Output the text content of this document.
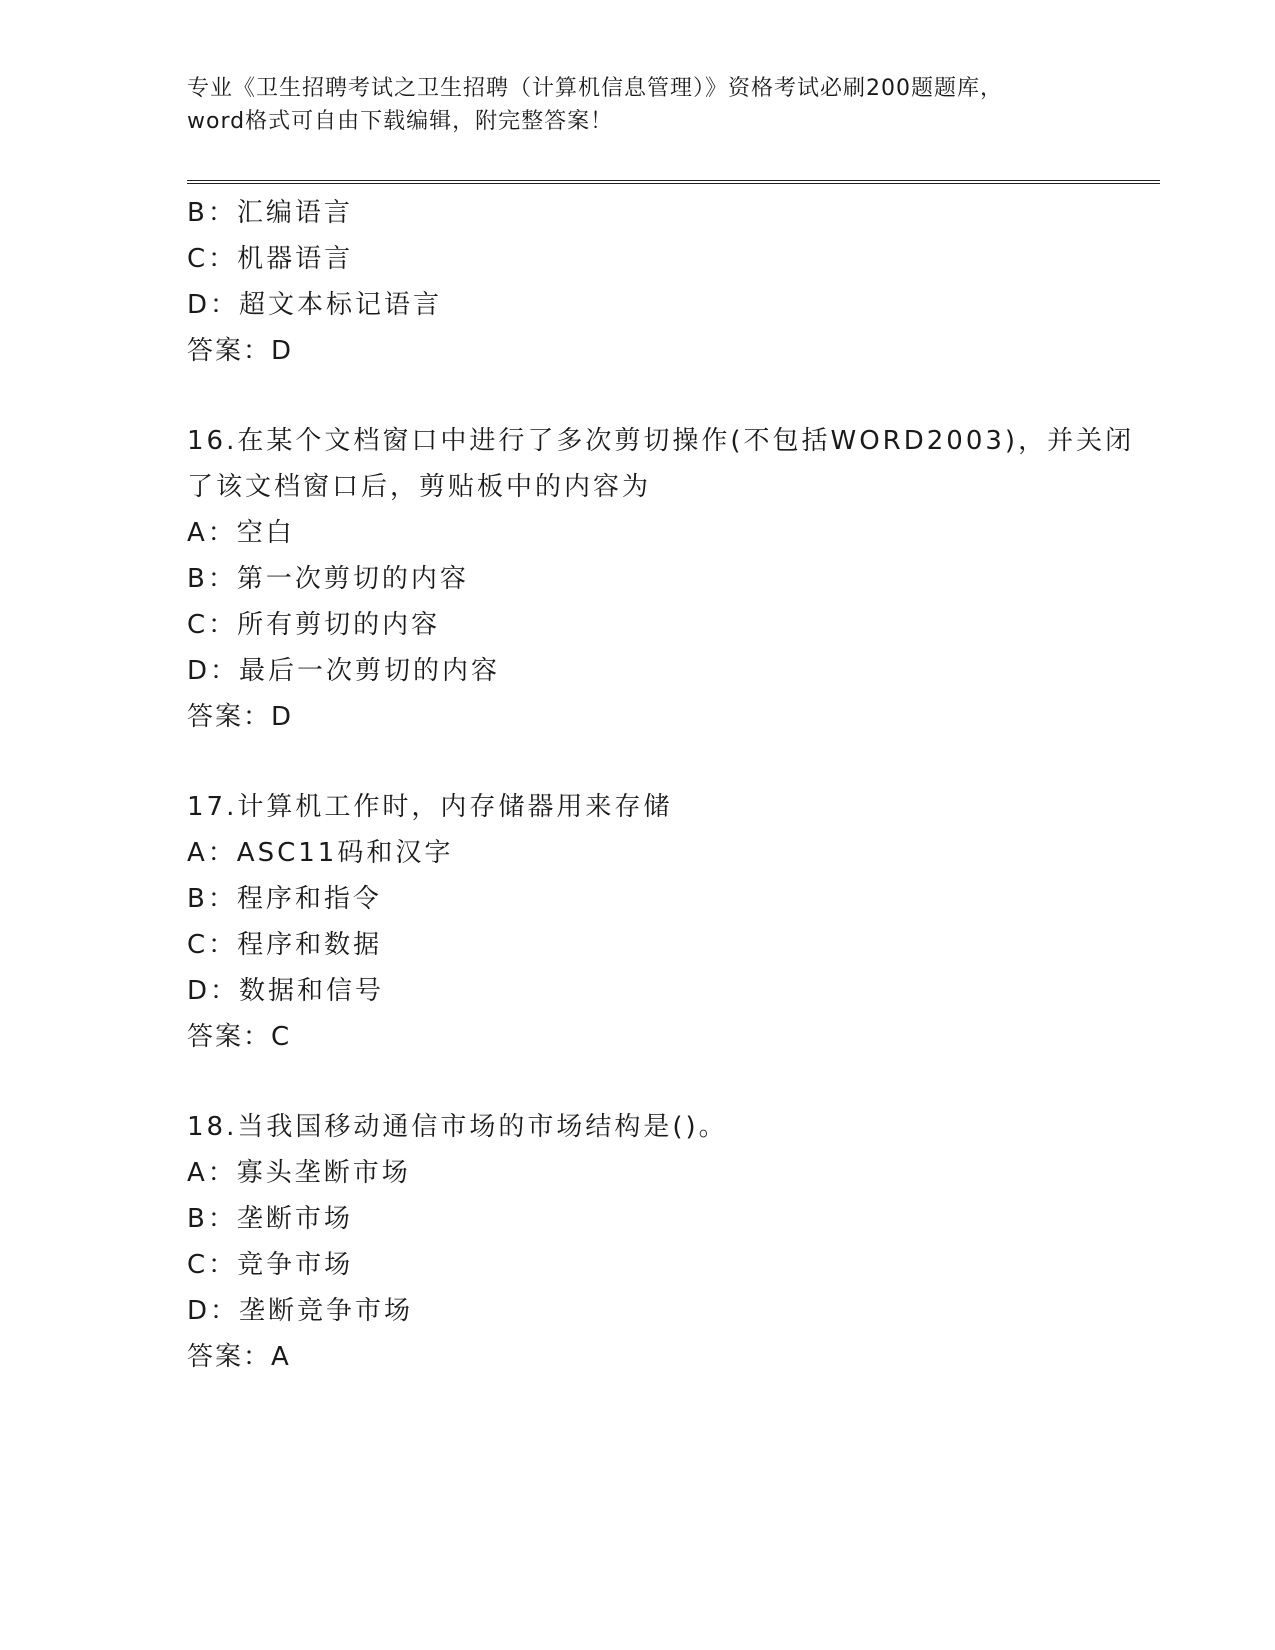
专业《卫生招聘考试之卫生招聘（计算机信息管理）》资格考试必刷200题题库，
word格式可自由下载编辑，附完整答案！
B：汇编语言
C：机器语言
D：超文本标记语言
答案：D
16.在某个文档窗口中进行了多次剪切操作(不包括WORD2003)，并关闭
了该文档窗口后，剪贴板中的内容为
A：空白
B：第一次剪切的内容
C：所有剪切的内容
D：最后一次剪切的内容
答案：D
17.计算机工作时，内存储器用来存储
A：ASC11码和汉字
B：程序和指令
C：程序和数据
D：数据和信号
答案：C
18.当我国移动通信市场的市场结构是()。
A：寡头垄断市场
B：垄断市场
C：竞争市场
D：垄断竞争市场
答案：A
